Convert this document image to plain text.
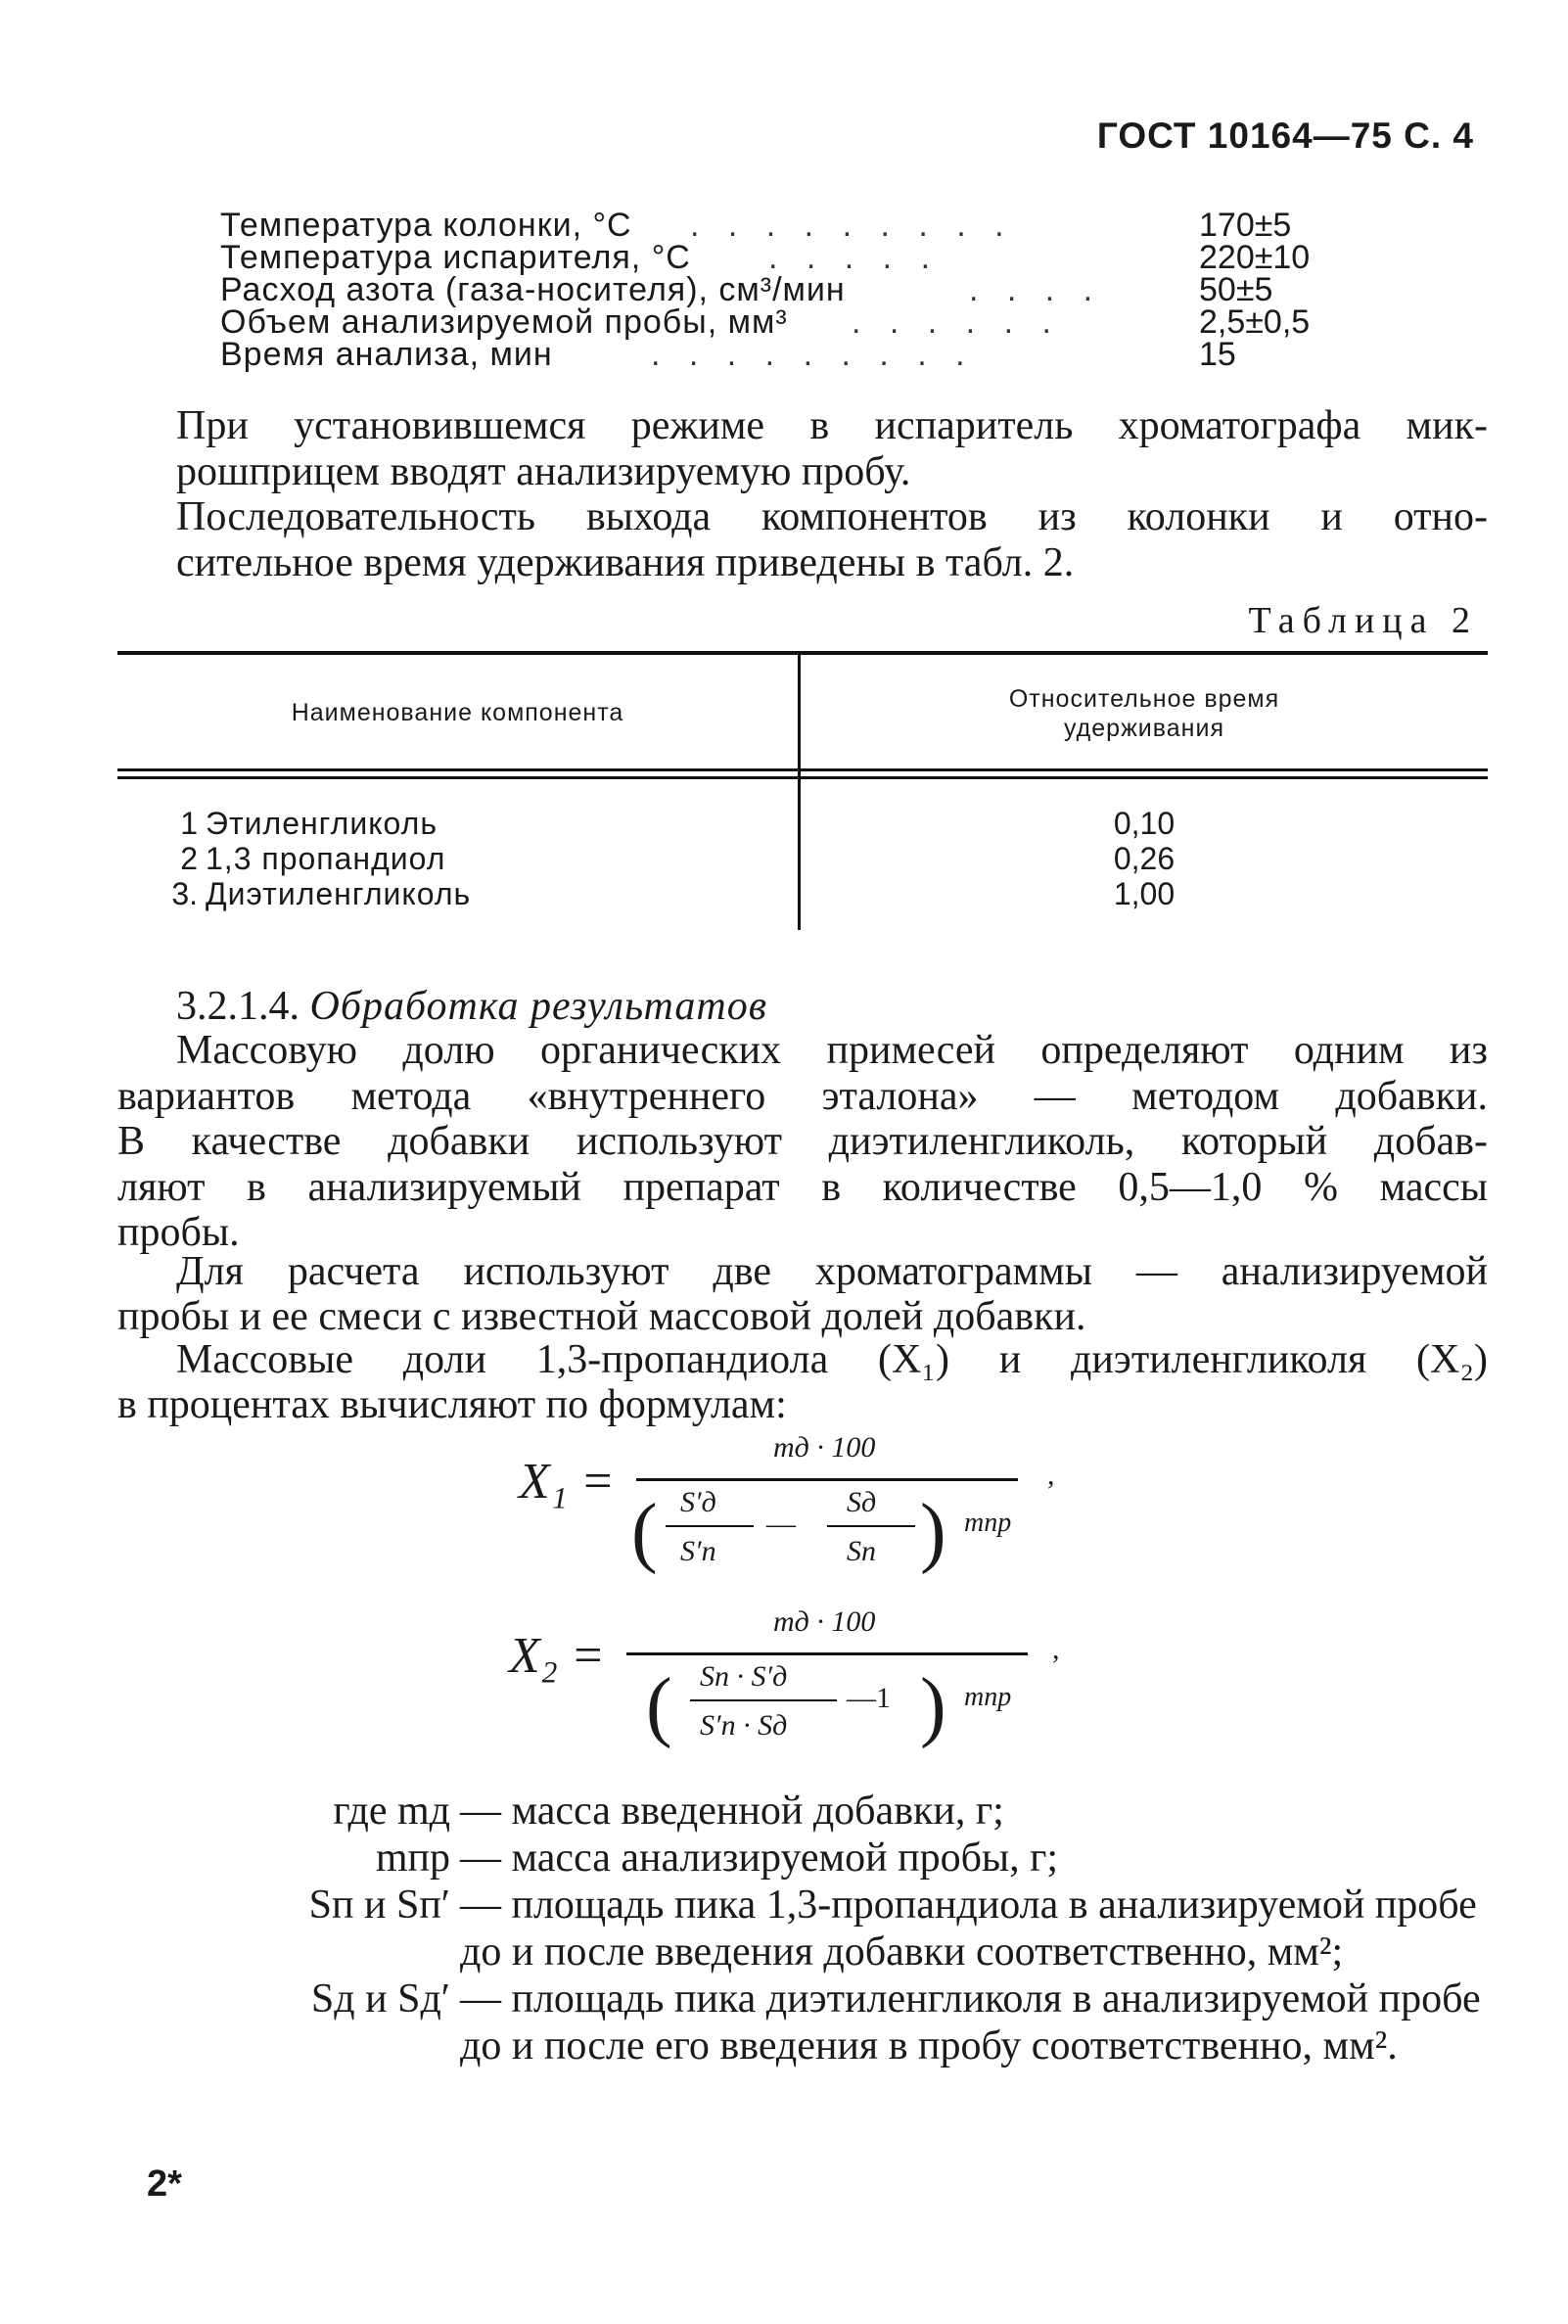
ГОСТ 10164—75 С. 4
Температура колонки, °С . . . . . . . . .	170±5
Температура испарителя, °С . . . . .	220±10
Расход азота (газа-носителя), см³/мин	. . . .	50±5
Объем анализируемой пробы, мм³ . . . . . .	2,5±0,5
Время анализа, мин	. . . . . . . . .	15
При установившемся режиме в испаритель хроматографа мик-
рошприцем вводят анализируемую пробу.
Последовательность выхода компонентов из колонки и отно-
сительное время удерживания приведены в табл. 2.
Таблица 2
Наименование компонента	Относительное время
удерживания
1 Этиленгликоль	0,10
2 1,3 пропандиол	0,26
3. Диэтиленгликоль	1,00
3.2.1.4. Обработка результатов
Массовую долю органических примесей определяют одним из
вариантов метода «внутреннего эталона» — методом добавки.
В качестве добавки используют диэтиленгликоль, который добав-
ляют в анализируемый препарат в количестве 0,5—1,0 % массы
пробы.
Для расчета используют две хроматограммы — анализируемой
пробы и ее смеси с известной массовой долей добавки.
Массовые доли 1,3-пропандиола (X₁) и диэтиленгликоля (X₂)
в процентах вычисляют по формулам:
X₁ =
mд · 100
( S′д
S′п
—
Sд
Sп ) mпр
,
X₂ =
mд · 100
( Sп · S′д
S′п · Sд
—1 ) mпр
,
где mд — масса введенной добавки, г;
mпр — масса анализируемой пробы, г;
Sп и Sп′ — площадь пика 1,3-пропандиола в анализируемой пробе до и после введения добавки соответственно, мм²;
Sд и Sд′ — площадь пика диэтиленгликоля в анализируемой пробе до и после его введения в пробу соответственно, мм².
2*
